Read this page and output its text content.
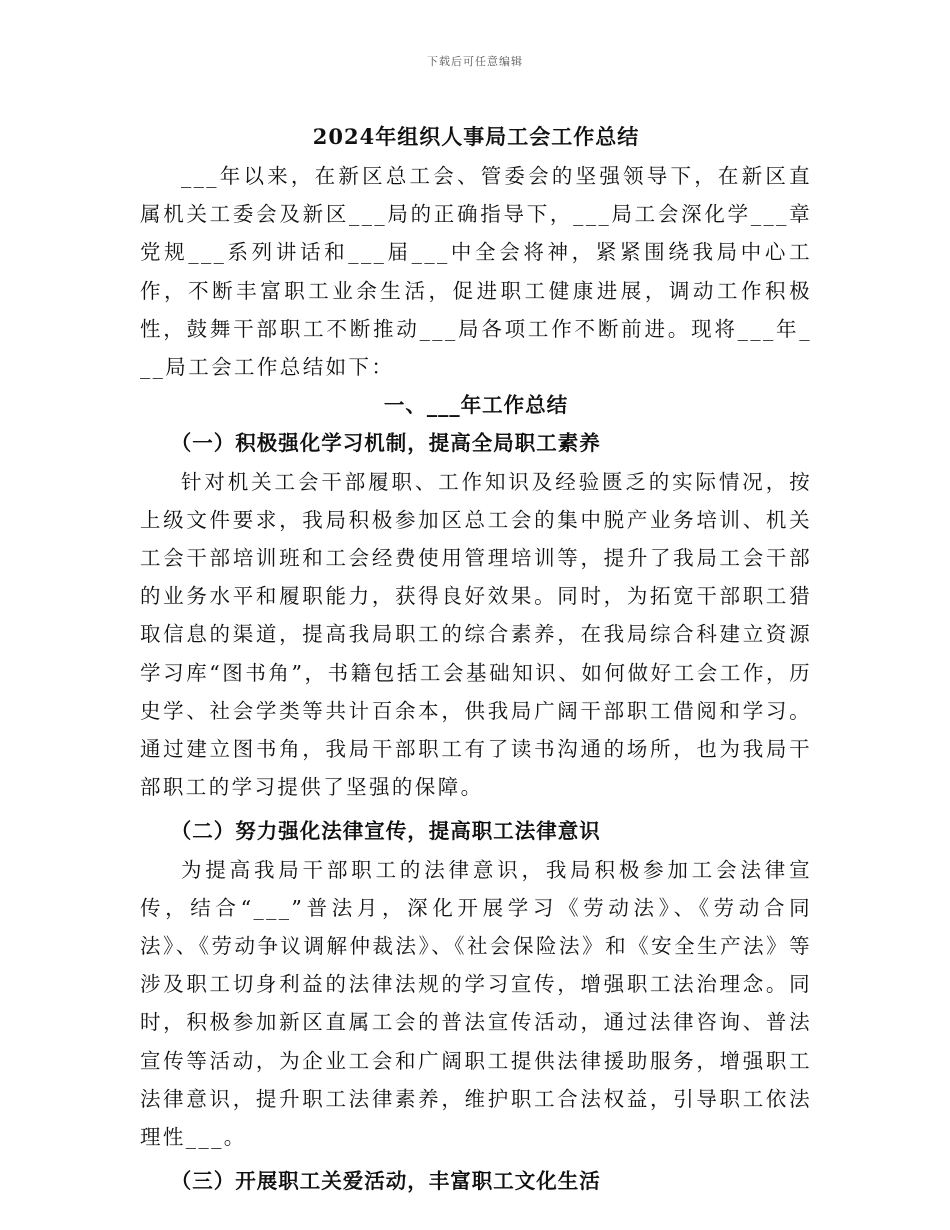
下载后可任意编辑
2024年组织人事局工会工作总结

___年以来，在新区总工会、管委会的坚强领导下，在新区直属机关工委会及新区___局的正确指导下，___局工会深化学___章党规___系列讲话和___届___中全会将神，紧紧围绕我局中心工作，不断丰富职工业余生活，促进职工健康进展，调动工作积极性，鼓舞干部职工不断推动___局各项工作不断前进。现将___年___局工会工作总结如下：

一、___年工作总结

（一）积极强化学习机制，提高全局职工素养

针对机关工会干部履职、工作知识及经验匮乏的实际情况，按上级文件要求，我局积极参加区总工会的集中脱产业务培训、机关工会干部培训班和工会经费使用管理培训等，提升了我局工会干部的业务水平和履职能力，获得良好效果。同时，为拓宽干部职工猎取信息的渠道，提高我局职工的综合素养，在我局综合科建立资源学习库“图书角”，书籍包括工会基础知识、如何做好工会工作，历史学、社会学类等共计百余本，供我局广阔干部职工借阅和学习。通过建立图书角，我局干部职工有了读书沟通的场所，也为我局干部职工的学习提供了坚强的保障。

（二）努力强化法律宣传，提高职工法律意识

为提高我局干部职工的法律意识，我局积极参加工会法律宣传，结合“___”普法月，深化开展学习《劳动法》、《劳动合同法》、《劳动争议调解仲裁法》、《社会保险法》和《安全生产法》等涉及职工切身利益的法律法规的学习宣传，增强职工法治理念。同时，积极参加新区直属工会的普法宣传活动，通过法律咨询、普法宣传等活动，为企业工会和广阔职工提供法律援助服务，增强职工法律意识，提升职工法律素养，维护职工合法权益，引导职工依法理性___。

（三）开展职工关爱活动，丰富职工文化生活
